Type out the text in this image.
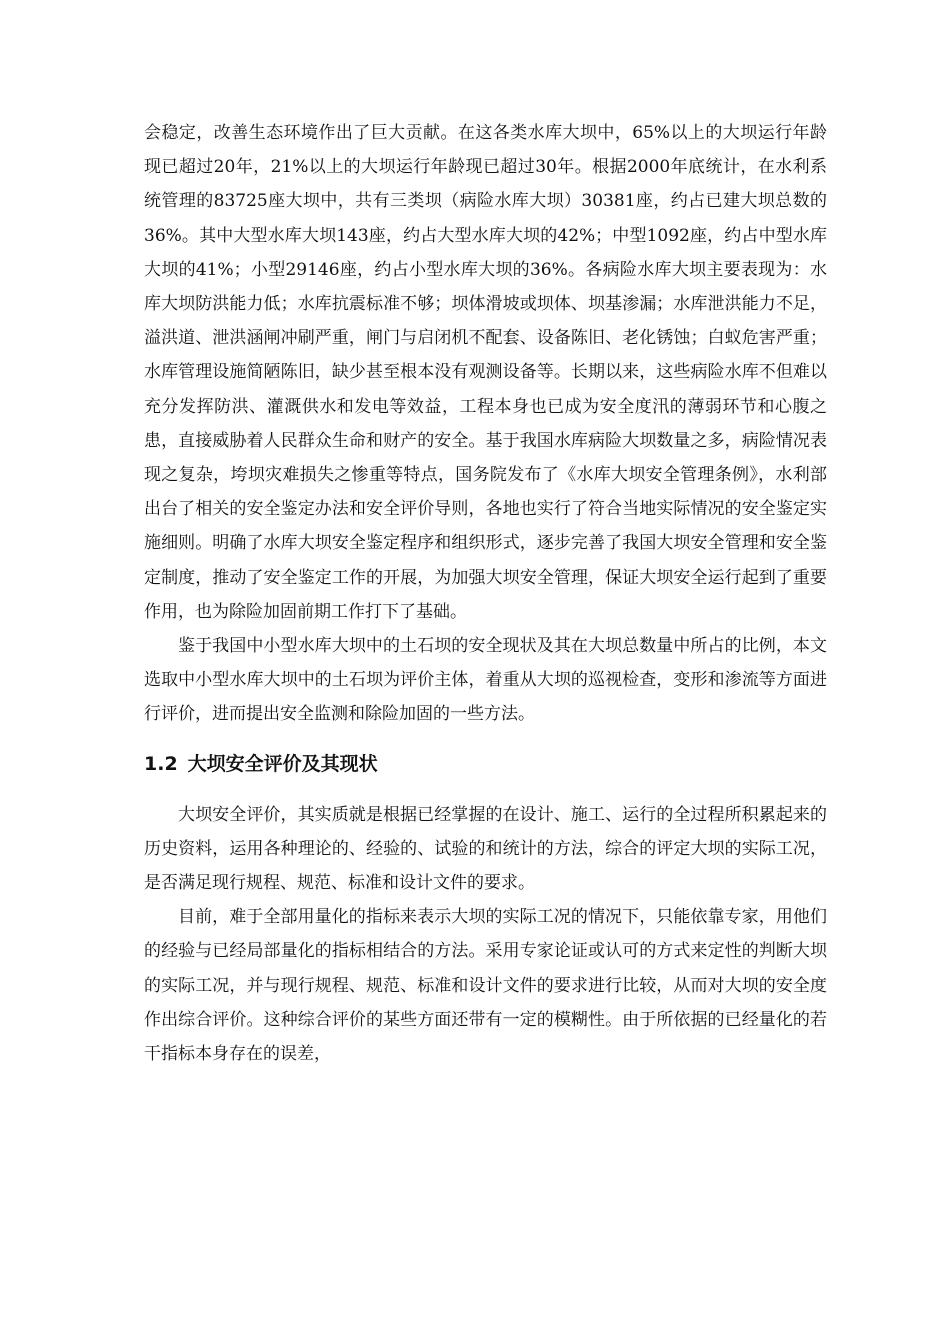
会稳定，改善生态环境作出了巨大贡献。在这各类水库大坝中，65%以上的大坝运行年龄现已超过20年，21%以上的大坝运行年龄现已超过30年。根据2000年底统计，在水利系统管理的83725座大坝中，共有三类坝（病险水库大坝）30381座，约占已建大坝总数的36%。其中大型水库大坝143座，约占大型水库大坝的42%；中型1092座，约占中型水库大坝的41%；小型29146座，约占小型水库大坝的36%。各病险水库大坝主要表现为：水库大坝防洪能力低；水库抗震标准不够；坝体滑坡或坝体、坝基渗漏；水库泄洪能力不足，溢洪道、泄洪涵闸冲刷严重，闸门与启闭机不配套、设备陈旧、老化锈蚀；白蚁危害严重；水库管理设施简陋陈旧，缺少甚至根本没有观测设备等。长期以来，这些病险水库不但难以充分发挥防洪、灌溉供水和发电等效益，工程本身也已成为安全度汛的薄弱环节和心腹之患，直接威胁着人民群众生命和财产的安全。基于我国水库病险大坝数量之多，病险情况表现之复杂，垮坝灾难损失之惨重等特点，国务院发布了《水库大坝安全管理条例》，水利部出台了相关的安全鉴定办法和安全评价导则，各地也实行了符合当地实际情况的安全鉴定实施细则。明确了水库大坝安全鉴定程序和组织形式，逐步完善了我国大坝安全管理和安全鉴定制度，推动了安全鉴定工作的开展，为加强大坝安全管理，保证大坝安全运行起到了重要作用，也为除险加固前期工作打下了基础。

鉴于我国中小型水库大坝中的土石坝的安全现状及其在大坝总数量中所占的比例，本文选取中小型水库大坝中的土石坝为评价主体，着重从大坝的巡视检查，变形和渗流等方面进行评价，进而提出安全监测和除险加固的一些方法。

1.2 大坝安全评价及其现状

大坝安全评价，其实质就是根据已经掌握的在设计、施工、运行的全过程所积累起来的历史资料，运用各种理论的、经验的、试验的和统计的方法，综合的评定大坝的实际工况，是否满足现行规程、规范、标准和设计文件的要求。

目前，难于全部用量化的指标来表示大坝的实际工况的情况下，只能依靠专家，用他们的经验与已经局部量化的指标相结合的方法。采用专家论证或认可的方式来定性的判断大坝的实际工况，并与现行规程、规范、标准和设计文件的要求进行比较，从而对大坝的安全度作出综合评价。这种综合评价的某些方面还带有一定的模糊性。由于所依据的已经量化的若干指标本身存在的误差，
